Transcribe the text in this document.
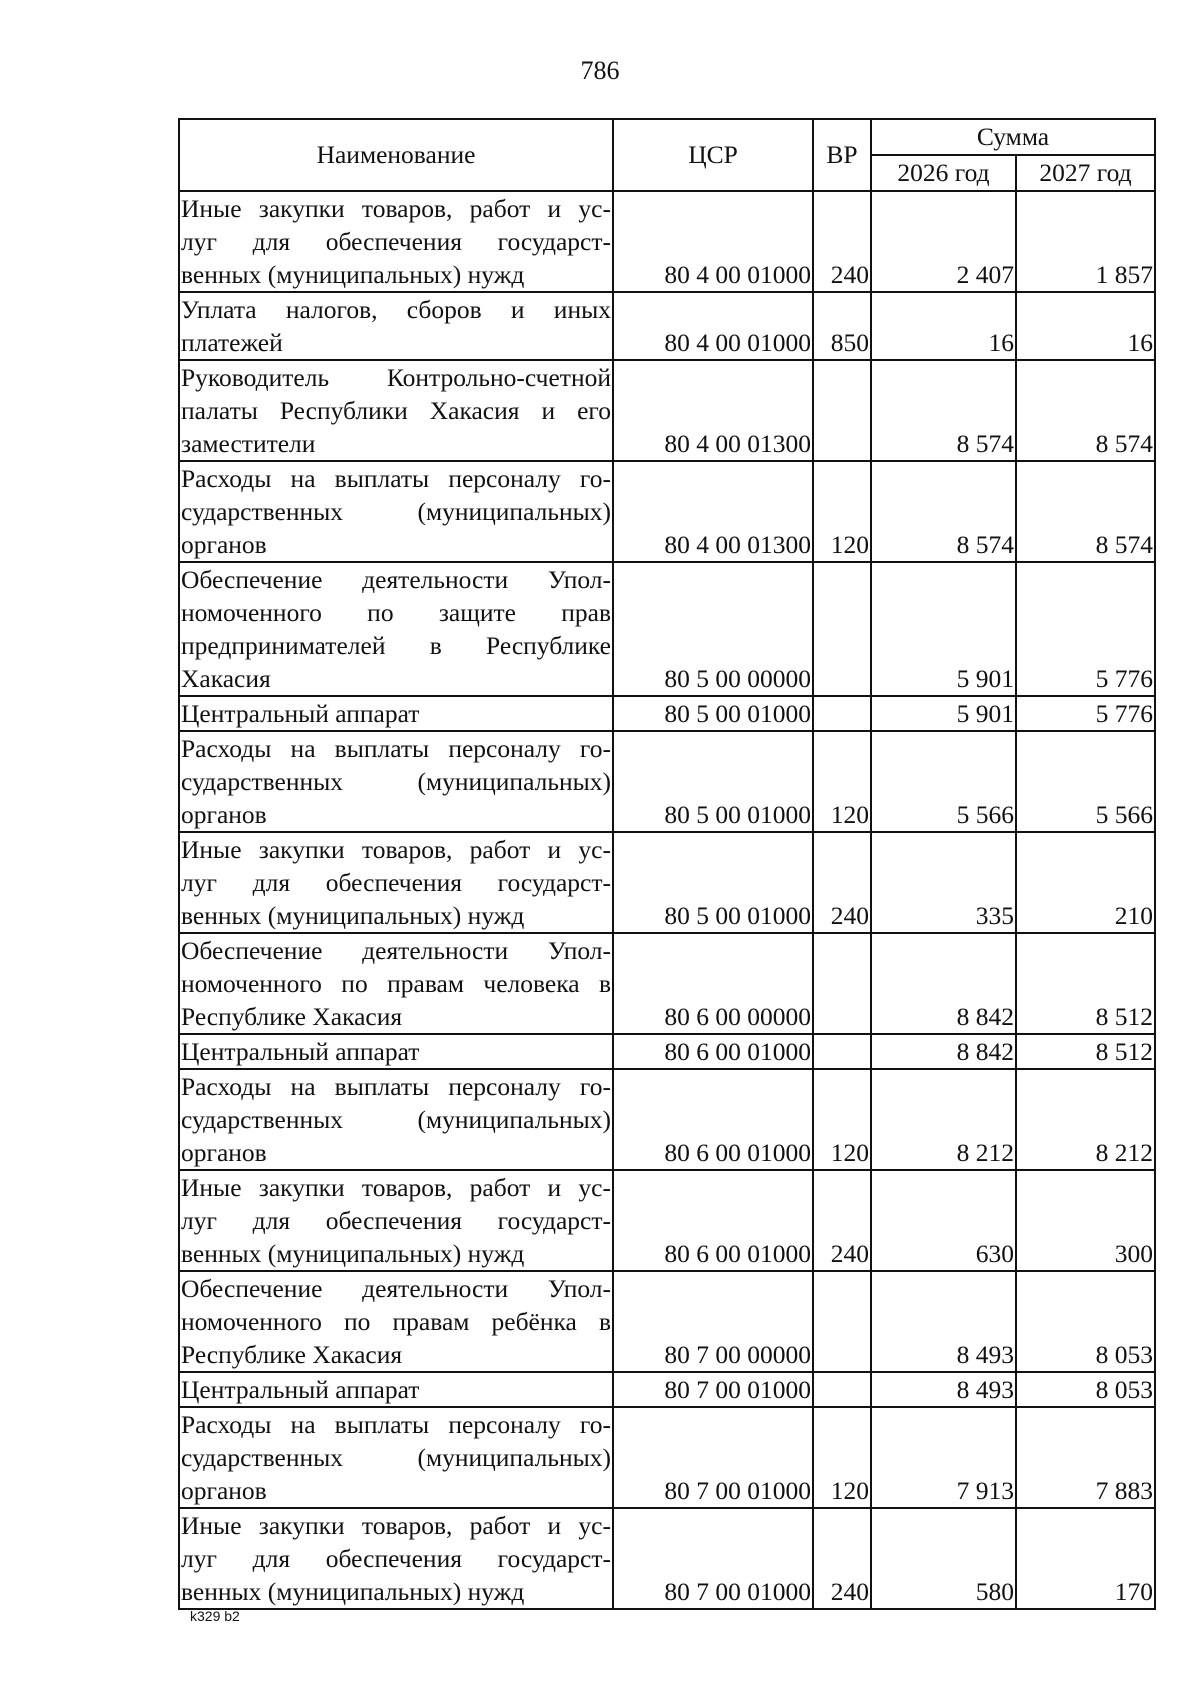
786
Наименование	ЦСР	ВР	Сумма	
			2026 год	2027 год

Иные закупки товаров, работ и ус-
луг для обеспечения государст-
венных (муниципальных) нужд	80 4 00 01000	240	2 407	1 857

Уплата налогов, сборов и иных
платежей	80 4 00 01000	850	16	16

Руководитель Контрольно-счетной
палаты Республики Хакасия и его
заместители	80 4 00 01300		8 574	8 574

Расходы на выплаты персоналу го-
сударственных (муниципальных)
органов	80 4 00 01300	120	8 574	8 574

Обеспечение деятельности Упол-
номоченного по защите прав
предпринимателей в Республике
Хакасия	80 5 00 00000		5 901	5 776

Центральный аппарат	80 5 00 01000		5 901	5 776

Расходы на выплаты персоналу го-
сударственных (муниципальных)
органов	80 5 00 01000	120	5 566	5 566

Иные закупки товаров, работ и ус-
луг для обеспечения государст-
венных (муниципальных) нужд	80 5 00 01000	240	335	210

Обеспечение деятельности Упол-
номоченного по правам человека в
Республике Хакасия	80 6 00 00000		8 842	8 512

Центральный аппарат	80 6 00 01000		8 842	8 512

Расходы на выплаты персоналу го-
сударственных (муниципальных)
органов	80 6 00 01000	120	8 212	8 212

Иные закупки товаров, работ и ус-
луг для обеспечения государст-
венных (муниципальных) нужд	80 6 00 01000	240	630	300

Обеспечение деятельности Упол-
номоченного по правам ребёнка в
Республике Хакасия	80 7 00 00000		8 493	8 053

Центральный аппарат	80 7 00 01000		8 493	8 053

Расходы на выплаты персоналу го-
сударственных (муниципальных)
органов	80 7 00 01000	120	7 913	7 883

Иные закупки товаров, работ и ус-
луг для обеспечения государст-
венных (муниципальных) нужд	80 7 00 01000	240	580	170
k329 b2
